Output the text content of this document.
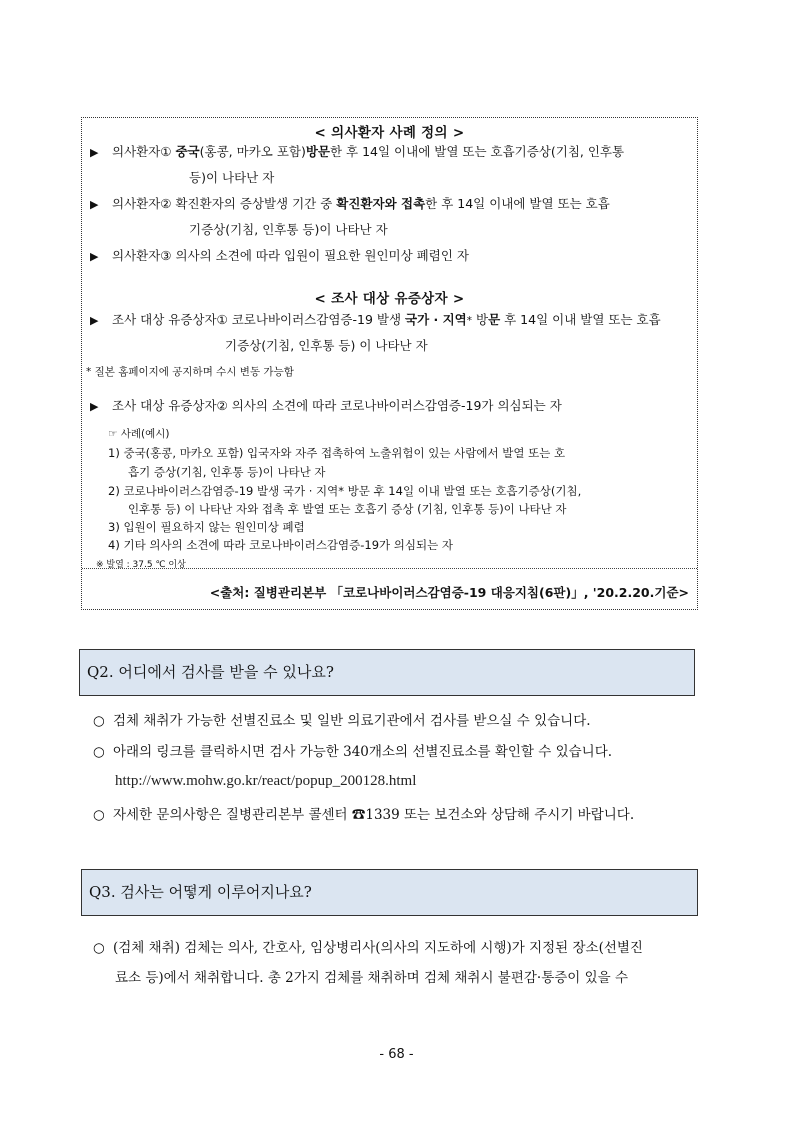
< 의사환자 사례 정의 >
▶ 의사환자① 중국(홍콩, 마카오 포함)방문한 후 14일 이내에 발열 또는 호흡기증상(기침, 인후통
등)이 나타난 자
▶ 의사환자② 확진환자의 증상발생 기간 중 확진환자와 접촉한 후 14일 이내에 발열 또는 호흡
기증상(기침, 인후통 등)이 나타난 자
▶ 의사환자③ 의사의 소견에 따라 입원이 필요한 원인미상 폐렴인 자
< 조사 대상 유증상자 >
▶ 조사 대상 유증상자① 코로나바이러스감염증-19 발생 국가 · 지역* 방문 후 14일 이내 발열 또는 호흡
기증상(기침, 인후통 등) 이 나타난 자
* 질본 홈페이지에 공지하며 수시 변동 가능함
▶ 조사 대상 유증상자② 의사의 소견에 따라 코로나바이러스감염증-19가 의심되는 자
☞ 사례(예시)
1) 중국(홍콩, 마카오 포함) 입국자와 자주 접촉하여 노출위험이 있는 사람에서 발열 또는 호
흡기 증상(기침, 인후통 등)이 나타난 자
2) 코로나바이러스감염증-19 발생 국가 · 지역* 방문 후 14일 이내 발열 또는 호흡기증상(기침,
인후통 등) 이 나타난 자와 접촉 후 발열 또는 호흡기 증상 (기침, 인후통 등)이 나타난 자
3) 입원이 필요하지 않는 원인미상 폐렴
4) 기타 의사의 소견에 따라 코로나바이러스감염증-19가 의심되는 자
※ 발열 : 37.5 ℃ 이상
<출처: 질병관리본부 「코로나바이러스감염증-19 대응지침(6판)」, '20.2.20.기준>
Q2. 어디에서 검사를 받을 수 있나요?
○ 검체 채취가 가능한 선별진료소 및 일반 의료기관에서 검사를 받으실 수 있습니다.
○ 아래의 링크를 클릭하시면 검사 가능한 340개소의 선별진료소를 확인할 수 있습니다.
http://www.mohw.go.kr/react/popup_200128.html
○ 자세한 문의사항은 질병관리본부 콜센터 ☎1339 또는 보건소와 상담해 주시기 바랍니다.
Q3. 검사는 어떻게 이루어지나요?
○ (검체 채취) 검체는 의사, 간호사, 임상병리사(의사의 지도하에 시행)가 지정된 장소(선별진
료소 등)에서 채취합니다. 총 2가지 검체를 채취하며 검체 채취시 불편감·통증이 있을 수
- 68 -
